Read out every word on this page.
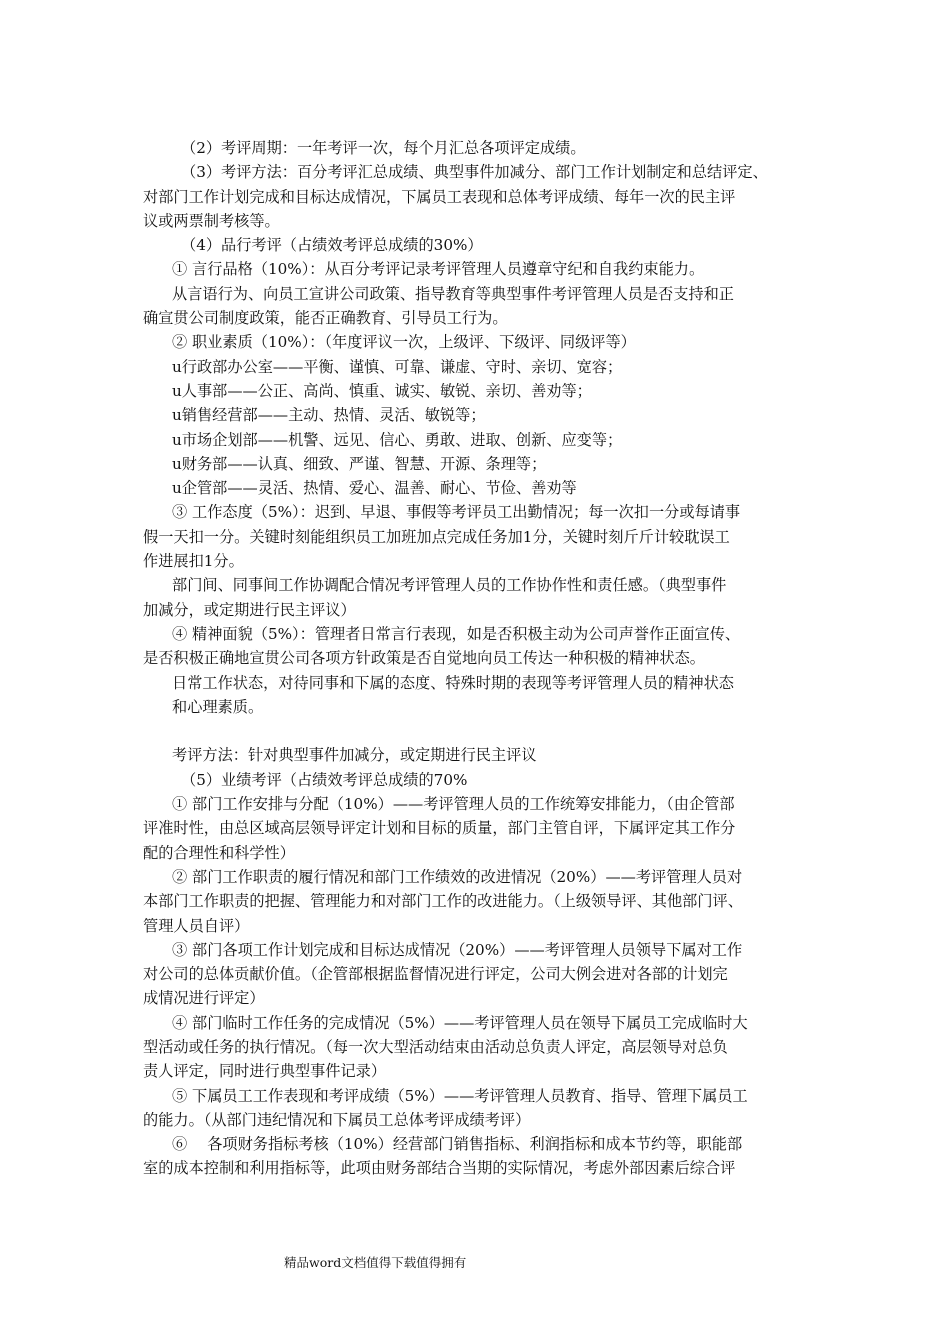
（2）考评周期：一年考评一次，每个月汇总各项评定成绩。
（3）考评方法：百分考评汇总成绩、典型事件加减分、部门工作计划制定和总结评定、
对部门工作计划完成和目标达成情况，下属员工表现和总体考评成绩、每年一次的民主评
议或两票制考核等。
（4）品行考评（占绩效考评总成绩的30%）
① 言行品格（10%）：从百分考评记录考评管理人员遵章守纪和自我约束能力。
从言语行为、向员工宣讲公司政策、指导教育等典型事件考评管理人员是否支持和正
确宣贯公司制度政策，能否正确教育、引导员工行为。
② 职业素质（10%）：（年度评议一次，上级评、下级评、同级评等）
u行政部办公室——平衡、谨慎、可靠、谦虚、守时、亲切、宽容；
u人事部——公正、高尚、慎重、诚实、敏锐、亲切、善劝等；
u销售经营部——主动、热情、灵活、敏锐等；
u市场企划部——机警、远见、信心、勇敢、进取、创新、应变等；
u财务部——认真、细致、严谨、智慧、开源、条理等；
u企管部——灵活、热情、爱心、温善、耐心、节俭、善劝等
③ 工作态度（5%）：迟到、早退、事假等考评员工出勤情况；每一次扣一分或每请事
假一天扣一分。关键时刻能组织员工加班加点完成任务加1分，关键时刻斤斤计较耽误工
作进展扣1分。
部门间、同事间工作协调配合情况考评管理人员的工作协作性和责任感。（典型事件
加减分，或定期进行民主评议）
④ 精神面貌（5%）：管理者日常言行表现，如是否积极主动为公司声誉作正面宣传、
是否积极正确地宣贯公司各项方针政策是否自觉地向员工传达一种积极的精神状态。
日常工作状态，对待同事和下属的态度、特殊时期的表现等考评管理人员的精神状态
和心理素质。
考评方法：针对典型事件加减分，或定期进行民主评议
（5）业绩考评（占绩效考评总成绩的70%
① 部门工作安排与分配（10%）——考评管理人员的工作统筹安排能力，（由企管部
评准时性，由总区域高层领导评定计划和目标的质量，部门主管自评，下属评定其工作分
配的合理性和科学性）
② 部门工作职责的履行情况和部门工作绩效的改进情况（20%）——考评管理人员对
本部门工作职责的把握、管理能力和对部门工作的改进能力。（上级领导评、其他部门评、
管理人员自评）
③ 部门各项工作计划完成和目标达成情况（20%）——考评管理人员领导下属对工作
对公司的总体贡献价值。（企管部根据监督情况进行评定，公司大例会进对各部的计划完
成情况进行评定）
④ 部门临时工作任务的完成情况（5%）——考评管理人员在领导下属员工完成临时大
型活动或任务的执行情况。（每一次大型活动结束由活动总负责人评定，高层领导对总负
责人评定，同时进行典型事件记录）
⑤ 下属员工工作表现和考评成绩（5%）——考评管理人员教育、指导、管理下属员工
的能力。（从部门违纪情况和下属员工总体考评成绩考评）
⑥　 各项财务指标考核（10%）经营部门销售指标、利润指标和成本节约等，职能部
室的成本控制和利用指标等，此项由财务部结合当期的实际情况，考虑外部因素后综合评
精品word文档值得下载值得拥有
